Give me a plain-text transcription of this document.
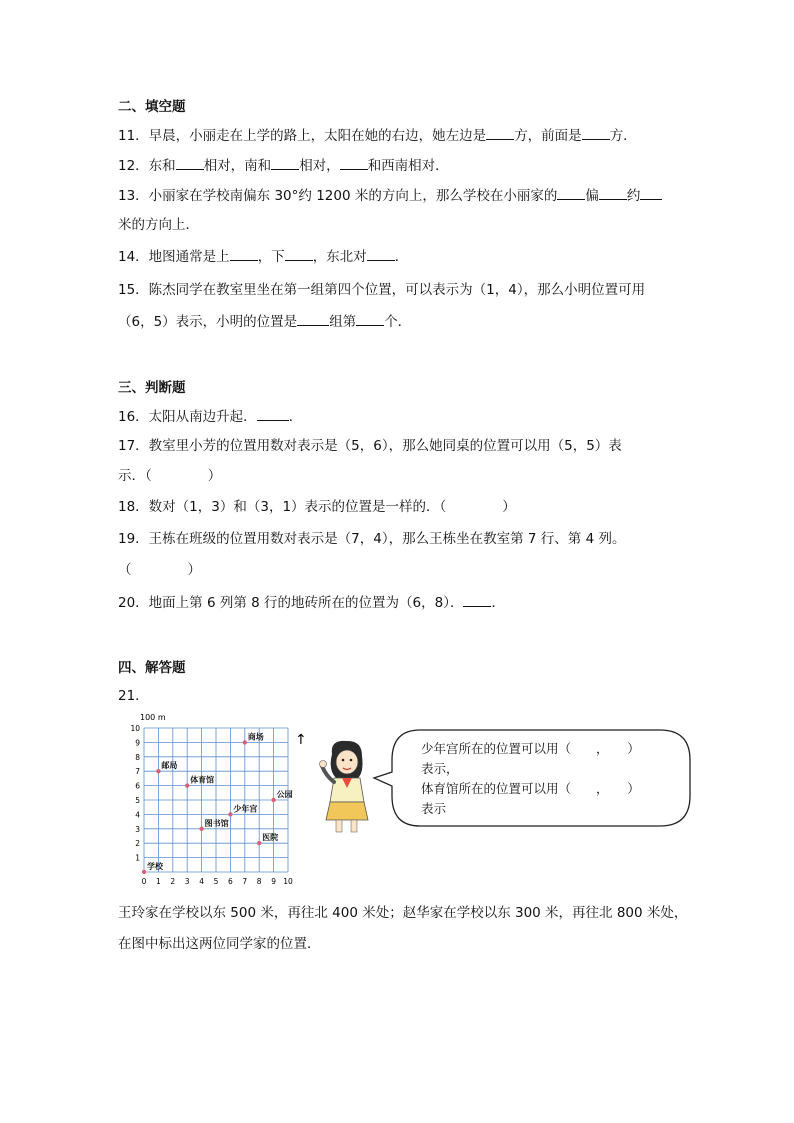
二、填空题
11．早晨，小丽走在上学的路上，太阳在她的右边，她左边是 方，前面是 方．
12．东和 相对，南和 相对， 和西南相对．
13．小丽家在学校南偏东 30°约 1200 米的方向上，那么学校在小丽家的 偏 约
米的方向上．
14．地图通常是上 ，下 ，东北对 ．
15．陈杰同学在教室里坐在第一组第四个位置，可以表示为（1，4），那么小明位置可用
（6，5）表示，小明的位置是 组第 个．
三、判断题
16．太阳从南边升起． ．
17．教室里小芳的位置用数对表示是（5，6），那么她同桌的位置可以用（5，5）表
示．（	）
18．数对（1，3）和（3，1）表示的位置是一样的．（	）
19．王栋在班级的位置用数对表示是（7，4），那么王栋坐在教室第 7 行、第 4 列。
（	）
20．地面上第 6 列第 8 行的地砖所在的位置为（6，8）． ．
四、解答题
21．
0 1 2 3 4 5 6 7 8 9 10
1
2
3
4
5
6
7
8
9
10
学校
商场
邮局
体育馆
公园
少年宫
图书馆
医院
100 m
↑
少年宫所在的位置可以用（　　，　　）
表示，
体育馆所在的位置可以用（　　，　　）
表示
王玲家在学校以东 500 米，再往北 400 米处；赵华家在学校以东 300 米，再往北 800 米处，
在图中标出这两位同学家的位置．
